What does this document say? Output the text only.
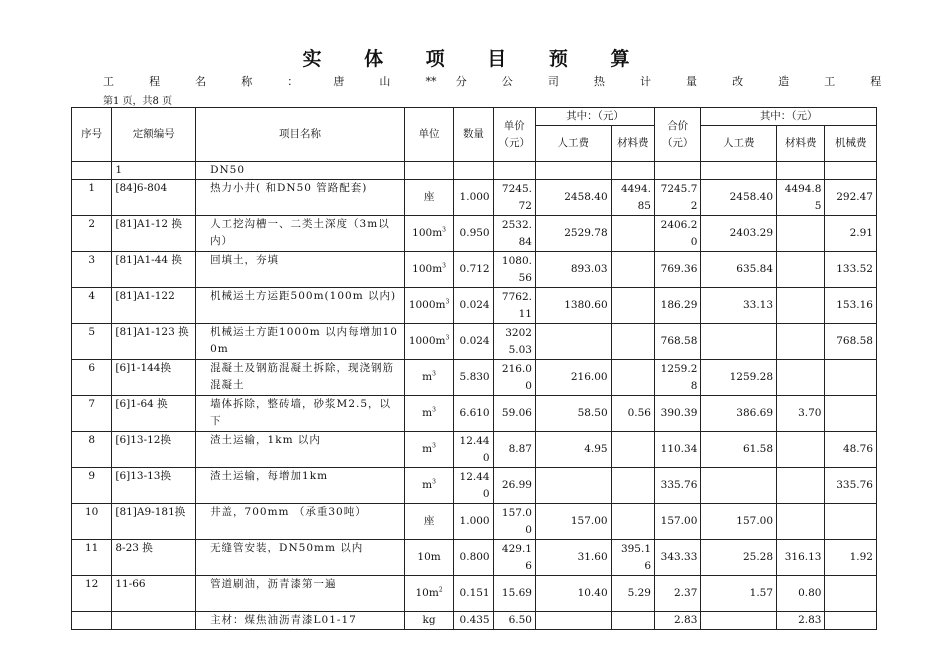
实 体 项 目 预 算
工 程 名 称 ： 唐 山 ** 分 公 司 热 计 量 改 造 工 程
第1 页，共8 页
序号	定额编号	项目名称	单位	数量	单价（元）	其中：（元）		合价（元）	其中：（元）		
						人工费	材料费		人工费	材料费	机械费
	1	DN50									
1	[84]6-804	热力小井( 和DN50 管路配套)	座	1.000	7245.72	2458.40	4494.85	7245.72	2458.40	4494.85	292.47
2	[81]A1-12 换	人工挖沟槽一、二类土深度（3m以内）	$100m^3$	0.950	2532.84	2529.78		2406.20	2403.29		2.91
3	[81]A1-44 换	回填土，夯填	$100m^3$	0.712	1080.56	893.03		769.36	635.84		133.52
4	[81]A1-122	机械运土方运距500m(100m 以内)	$1000m^3$	0.024	7762.11	1380.60		186.29	33.13		153.16
5	[81]A1-123 换	机械运土方距1000m 以内每增加100m	$1000m^3$	0.024	32025.03			768.58			768.58
6	[6]1-144换	混凝土及钢筋混凝土拆除，现浇钢筋混凝土	$m^3$	5.830	216.00	216.00		1259.28	1259.28		
7	[6]1-64 换	墙体拆除，整砖墙，砂浆M2.5，以下	$m^3$	6.610	59.06	58.50	0.56	390.39	386.69	3.70	
8	[6]13-12换	渣土运输，1km 以内	$m^3$	12.440	8.87	4.95		110.34	61.58		48.76
9	[6]13-13换	渣土运输，每增加1km	$m^3$	12.440	26.99			335.76			335.76
10	[81]A9-181换	井盖，700mm （承重30吨）	座	1.000	157.00	157.00		157.00	157.00		
11	8-23 换	无缝管安装，DN50mm 以内	10m	0.800	429.16	31.60	395.16	343.33	25.28	316.13	1.92
12	11-66	管道刷油，沥青漆第一遍	$10m^2$	0.151	15.69	10.40	5.29	2.37	1.57	0.80	
		主材：煤焦油沥青漆L01-17	kg	0.435	6.50			2.83		2.83	
